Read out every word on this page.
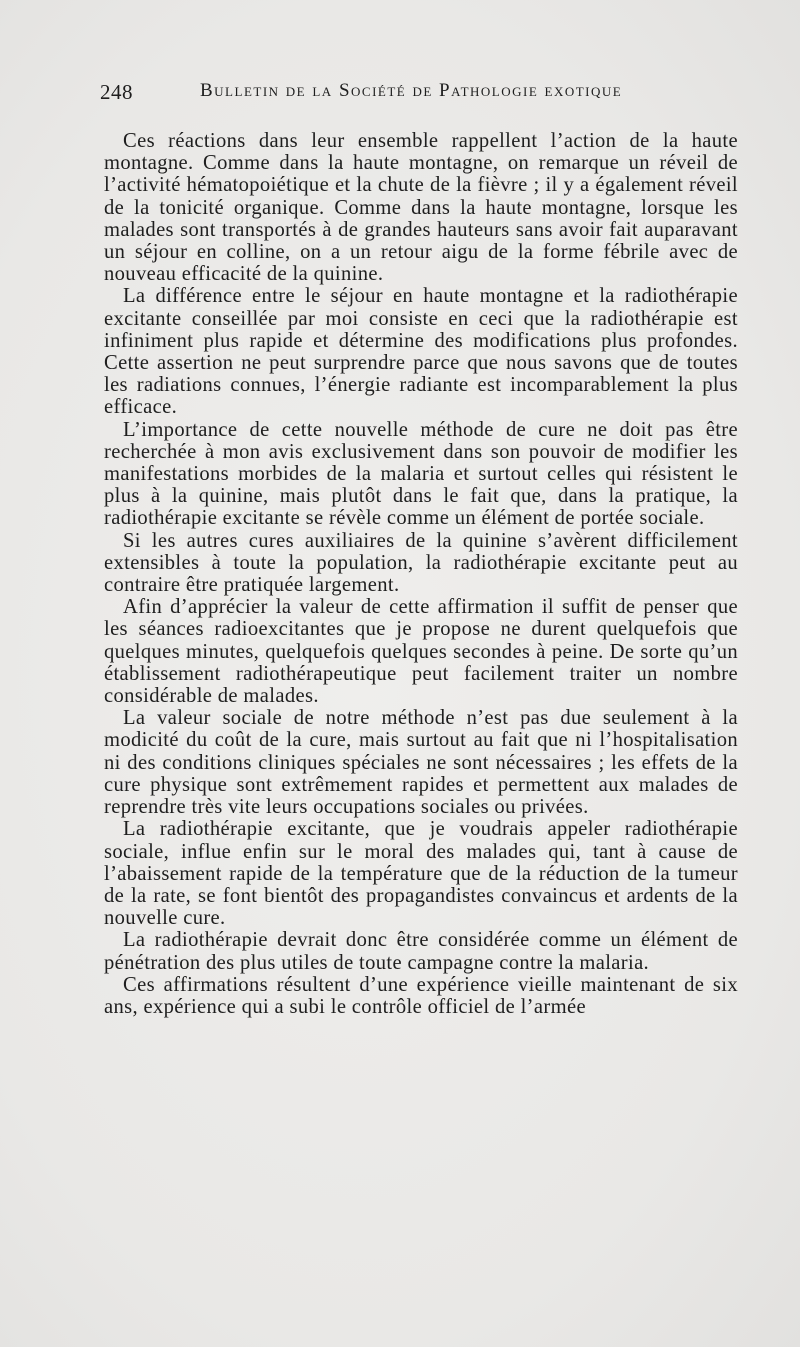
248	Bulletin de la Société de Pathologie exotique

Ces réactions dans leur ensemble rappellent l’action de la haute montagne. Comme dans la haute montagne, on remarque un réveil de l’activité hématopoiétique et la chute de la fièvre ; il y a également réveil de la tonicité organique. Comme dans la haute montagne, lorsque les malades sont transportés à de grandes hauteurs sans avoir fait auparavant un séjour en colline, on a un retour aigu de la forme fébrile avec de nouveau efficacité de la quinine.

La différence entre le séjour en haute montagne et la radiothérapie excitante conseillée par moi consiste en ceci que la radiothérapie est infiniment plus rapide et détermine des modifications plus profondes. Cette assertion ne peut surprendre parce que nous savons que de toutes les radiations connues, l’énergie radiante est incomparablement la plus efficace.

L’importance de cette nouvelle méthode de cure ne doit pas être recherchée à mon avis exclusivement dans son pouvoir de modifier les manifestations morbides de la malaria et surtout celles qui résistent le plus à la quinine, mais plutôt dans le fait que, dans la pratique, la radiothérapie excitante se révèle comme un élément de portée sociale.

Si les autres cures auxiliaires de la quinine s’avèrent difficilement extensibles à toute la population, la radiothérapie excitante peut au contraire être pratiquée largement.

Afin d’apprécier la valeur de cette affirmation il suffit de penser que les séances radioexcitantes que je propose ne durent quelquefois que quelques minutes, quelquefois quelques secondes à peine. De sorte qu’un établissement radiothérapeutique peut facilement traiter un nombre considérable de malades.

La valeur sociale de notre méthode n’est pas due seulement à la modicité du coût de la cure, mais surtout au fait que ni l’hospitalisation ni des conditions cliniques spéciales ne sont nécessaires ; les effets de la cure physique sont extrêmement rapides et permettent aux malades de reprendre très vite leurs occupations sociales ou privées.

La radiothérapie excitante, que je voudrais appeler radiothérapie sociale, influe enfin sur le moral des malades qui, tant à cause de l’abaissement rapide de la température que de la réduction de la tumeur de la rate, se font bientôt des propagandistes convaincus et ardents de la nouvelle cure.

La radiothérapie devrait donc être considérée comme un élément de pénétration des plus utiles de toute campagne contre la malaria.

Ces affirmations résultent d’une expérience vieille maintenant de six ans, expérience qui a subi le contrôle officiel de l’armée
